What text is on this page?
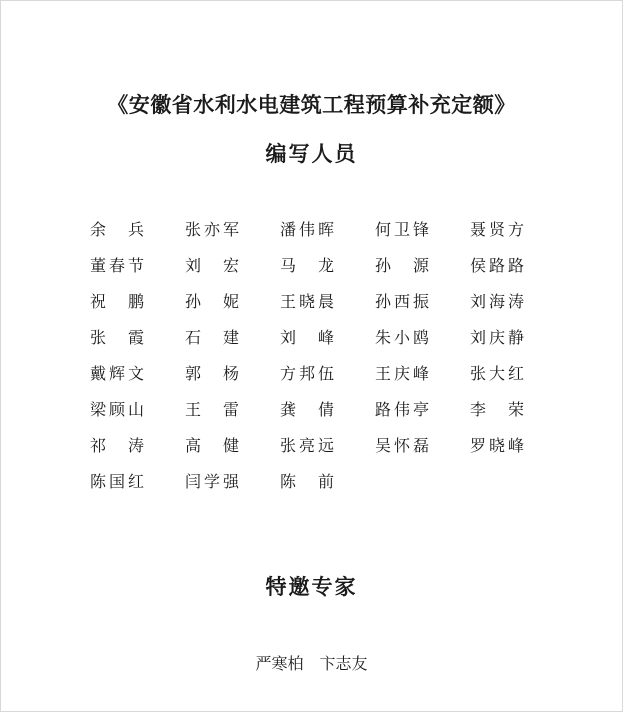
《安徽省水利水电建筑工程预算补充定额》
编写人员
余　兵	张亦军	潘伟晖	何卫锋	聂贤方
董春节	刘　宏	马　龙	孙　源	侯路路
祝　鹏	孙　妮	王晓晨	孙西振	刘海涛
张　霞	石　建	刘　峰	朱小鸥	刘庆静
戴辉文	郭　杨	方邦伍	王庆峰	张大红
梁顾山	王　雷	龚　倩	路伟亭	李　荣
祁　涛	高　健	张亮远	吴怀磊	罗晓峰
陈国红	闫学强	陈　前
特邀专家
严寒柏 卞志友
